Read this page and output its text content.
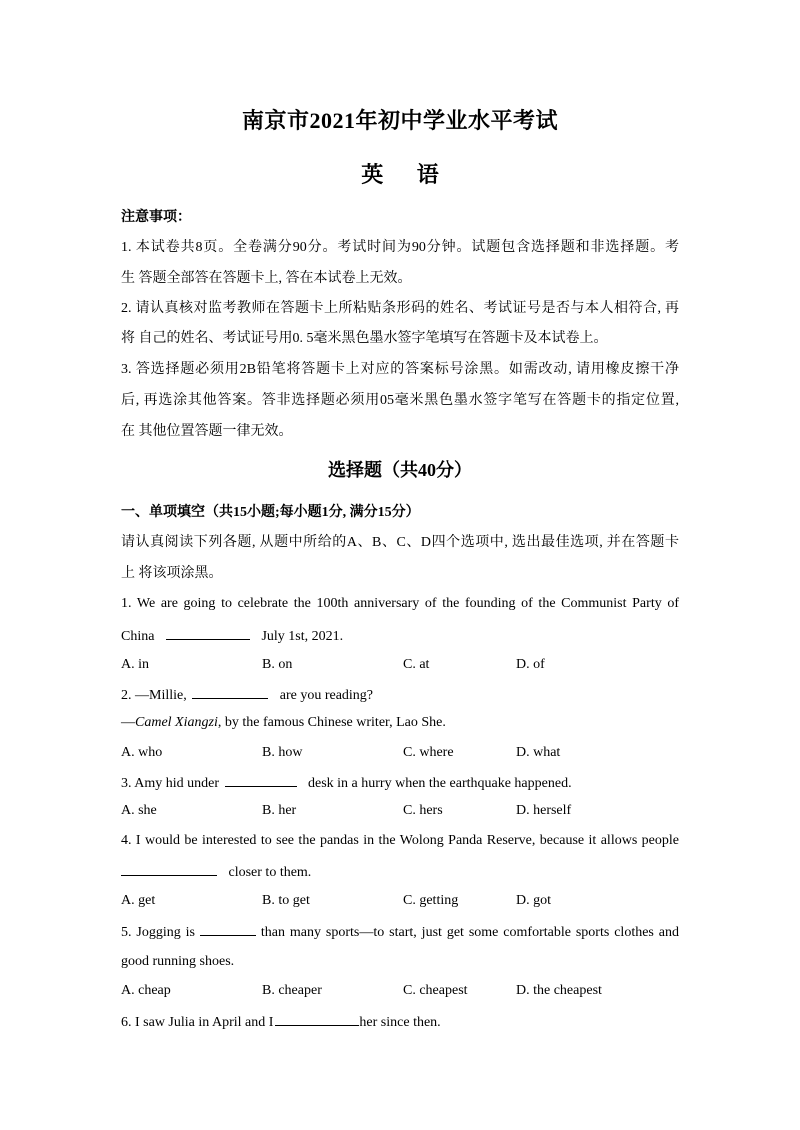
南京市2021年初中学业水平考试
英 语
注意事项：
1. 本试卷共8页。全卷满分90分。考试时间为90分钟。试题包含选择题和非选择题。考
生 答题全部答在答题卡上, 答在本试卷上无效。
2. 请认真核对监考教师在答题卡上所粘贴条形码的姓名、考试证号是否与本人相符合, 再
将 自己的姓名、考试证号用0. 5毫米黑色墨水签字笔填写在答题卡及本试卷上。
3. 答选择题必须用2B铅笔将答题卡上对应的答案标号涂黑。如需改动, 请用橡皮擦干净
后, 再选涂其他答案。答非选择题必须用05毫米黑色墨水签字笔写在答题卡的指定位置,
在 其他位置答题一律无效。
选择题（共40分）
一、单项填空（共15小题;每小题1分, 满分15分）
请认真阅读下列各题, 从题中所给的A、B、C、D四个选项中, 选出最佳选项, 并在答题卡
上 将该项涂黑。
1. We are going to celebrate the 100th anniversary of the founding of the Communist Party of
China	July 1st, 2021.
A. in	B. on	C. at	D. of
2. —Millie,	are you reading?
—Camel Xiangzi, by the famous Chinese writer, Lao She.
A. who	B. how	C. where	D. what
3. Amy hid under	desk in a hurry when the earthquake happened.
A. she	B. her	C. hers	D. herself
4. I would be interested to see the pandas in the Wolong Panda Reserve, because it allows people
closer to them.
A. get	B. to get	C. getting	D. got
5. Jogging is	than many sports—to start, just get some comfortable sports clothes and
good running shoes.
A. cheap	B. cheaper	C. cheapest	D. the cheapest
6. I saw Julia in April and I	her since then.
